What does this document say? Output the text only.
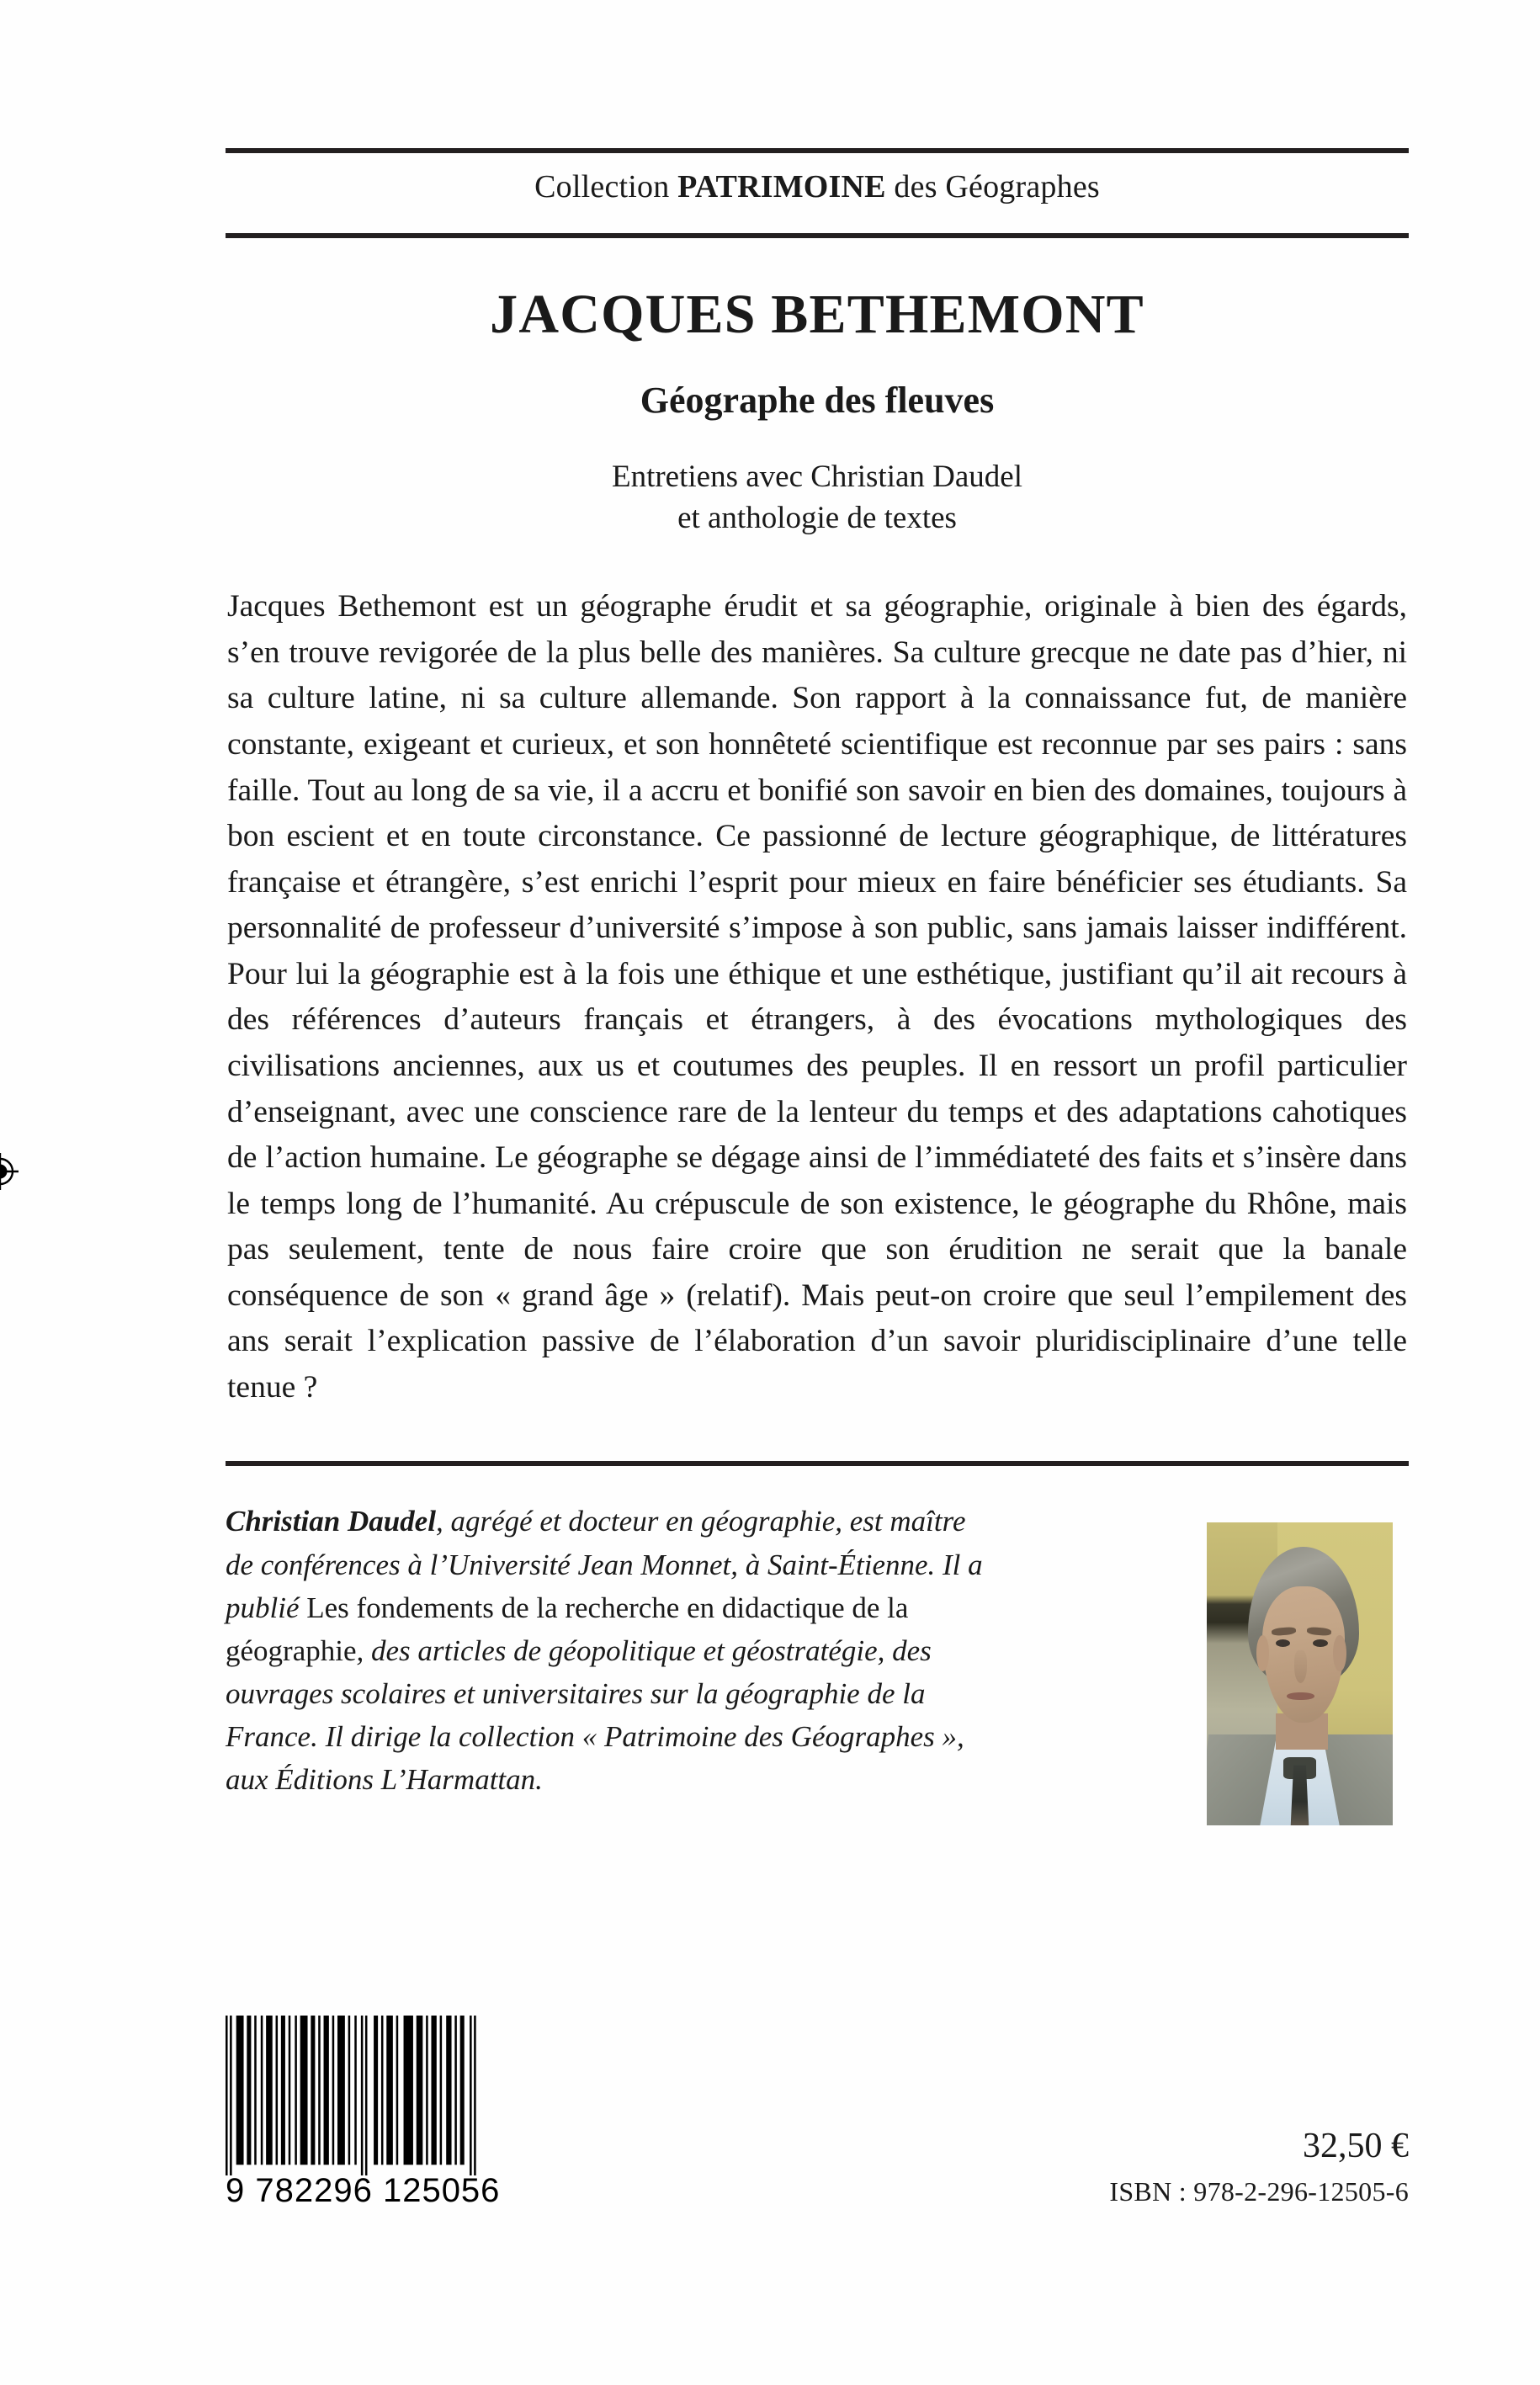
Collection PATRIMOINE des Géographes
JACQUES BETHEMONT
Géographe des fleuves
Entretiens avec Christian Daudel
et anthologie de textes

Jacques Bethemont est un géographe érudit et sa géographie, originale à bien des égards, s’en trouve revigorée de la plus belle des manières. Sa culture grecque ne date pas d’hier, ni sa culture latine, ni sa culture allemande. Son rapport à la connaissance fut, de manière constante, exigeant et curieux, et son honnêteté scientifique est reconnue par ses pairs : sans faille. Tout au long de sa vie, il a accru et bonifié son savoir en bien des domaines, toujours à bon escient et en toute circonstance. Ce passionné de lecture géographique, de littératures française et étrangère, s’est enrichi l’esprit pour mieux en faire bénéficier ses étudiants. Sa personnalité de professeur d’université s’impose à son public, sans jamais laisser indifférent. Pour lui la géographie est à la fois une éthique et une esthétique, justifiant qu’il ait recours à des références d’auteurs français et étrangers, à des évocations mythologiques des civilisations anciennes, aux us et coutumes des peuples. Il en ressort un profil particulier d’enseignant, avec une conscience rare de la lenteur du temps et des adaptations cahotiques de l’action humaine. Le géographe se dégage ainsi de l’immédiateté des faits et s’insère dans le temps long de l’humanité. Au crépuscule de son existence, le géographe du Rhône, mais pas seulement, tente de nous faire croire que son érudition ne serait que la banale conséquence de son « grand âge » (relatif). Mais peut-on croire que seul l’empilement des ans serait l’explication passive de l’élaboration d’un savoir pluridisciplinaire d’une telle tenue ?

Christian Daudel, agrégé et docteur en géographie, est maître de conférences à l’Université Jean Monnet, à Saint-Étienne. Il a publié Les fondements de la recherche en didactique de la géographie, des articles de géopolitique et géostratégie, des ouvrages scolaires et universitaires sur la géographie de la France. Il dirige la collection « Patrimoine des Géographes », aux Éditions L’Harmattan.
9 782296 125056
32,50 €
ISBN : 978-2-296-12505-6
